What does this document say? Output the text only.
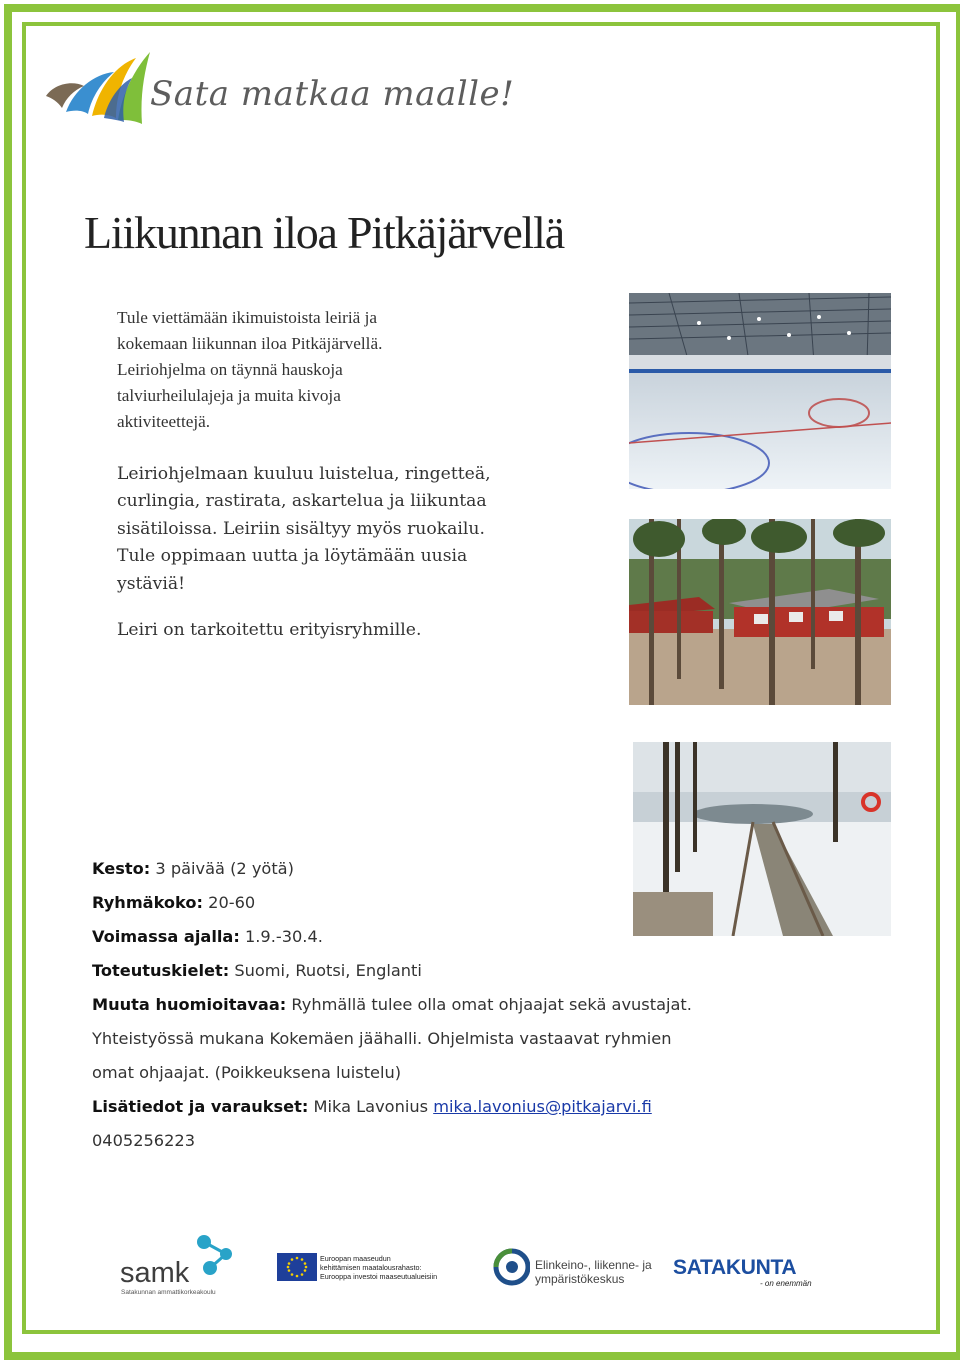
Sata matkaa maalle!
Liikunnan iloa Pitkäjärvellä

Tule viettämään ikimuistoista leiriä ja

kokemaan liikunnan iloa Pitkäjärvellä.

Leiriohjelma on täynnä hauskoja

talviurheilulajeja ja muita kivoja

aktiviteettejä.

Leiriohjelmaan kuuluu luistelua, ringetteä,

curlingia, rastirata, askartelua ja liikuntaa

sisätiloissa. Leiriin sisältyy myös ruokailu.

Tule oppimaan uutta ja löytämään uusia

ystäviä!

Leiri on tarkoitettu erityisryhmille.
Kesto: 3 päivää (2 yötä)
Ryhmäkoko: 20-60
Voimassa ajalla: 1.9.-30.4.
Toteutuskielet: Suomi, Ruotsi, Englanti
Muuta huomioitavaa: Ryhmällä tulee olla omat ohjaajat sekä avustajat.
Yhteistyössä mukana Kokemäen jäähalli. Ohjelmista vastaavat ryhmien
omat ohjaajat. (Poikkeuksena luistelu)
Lisätiedot ja varaukset: Mika Lavonius mika.lavonius@pitkajarvi.fi
0405256223
samk
Satakunnan ammattikorkeakoulu
Euroopan maaseudun
kehittämisen maatalousrahasto:
Eurooppa investoi maaseutualueisiin
Elinkeino-, liikenne- ja
ympäristökeskus	SATAKUNTA
- on enemmän
